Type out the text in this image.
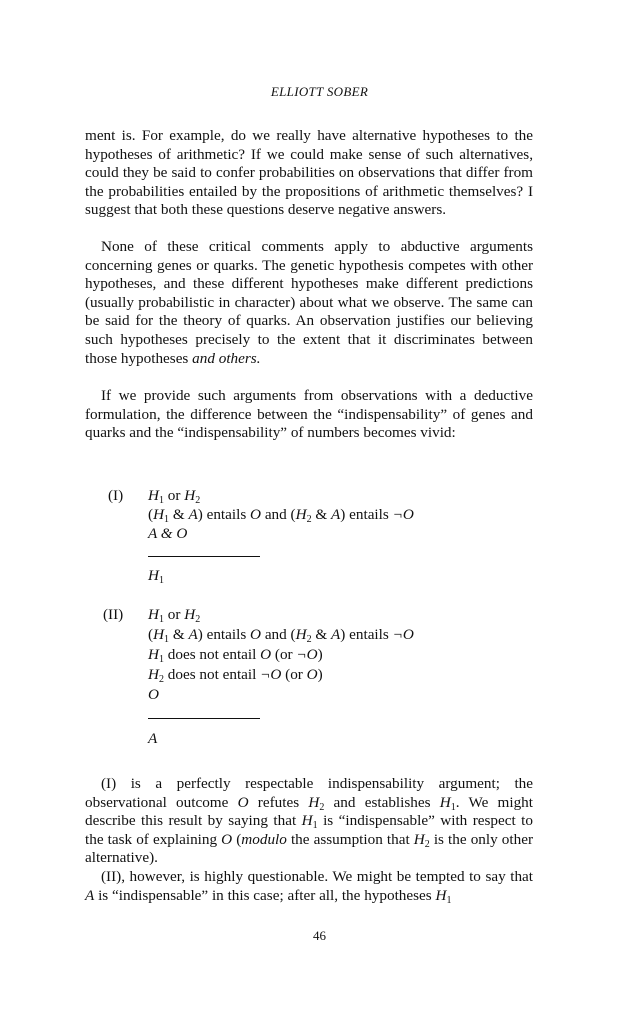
ELLIOTT SOBER

ment is. For example, do we really have alternative hypotheses to the hypotheses of arithmetic? If we could make sense of such alternatives, could they be said to confer probabilities on observations that differ from the probabilities entailed by the propositions of arithmetic themselves? I suggest that both these questions deserve negative answers.

None of these critical comments apply to abductive arguments concerning genes or quarks. The genetic hypothesis competes with other hypotheses, and these different hypotheses make different predictions (usually probabilistic in character) about what we observe. The same can be said for the theory of quarks. An observation justifies our believing such hypotheses precisely to the extent that it discriminates between those hypotheses and others.

If we provide such arguments from observations with a deductive formulation, the difference between the “indispensability” of genes and quarks and the “indispensability” of numbers becomes vivid:

(I) $H_1$ or $H_2$
($H_1$ & A) entails O and ($H_2$ & A) entails ¬O
A & O
$H_1$
(II) $H_1$ or $H_2$
($H_1$ & A) entails O and ($H_2$ & A) entails ¬O
$H_1$ does not entail O (or ¬O)
$H_2$ does not entail ¬O (or O)
O
A

(I) is a perfectly respectable indispensability argument; the observational outcome O refutes $H_2$ and establishes $H_1$. We might describe this result by saying that $H_1$ is “indispensable” with respect to the task of explaining O (modulo the assumption that $H_2$ is the only other alternative).

(II), however, is highly questionable. We might be tempted to say that A is “indispensable” in this case; after all, the hypotheses $H_1$

46
